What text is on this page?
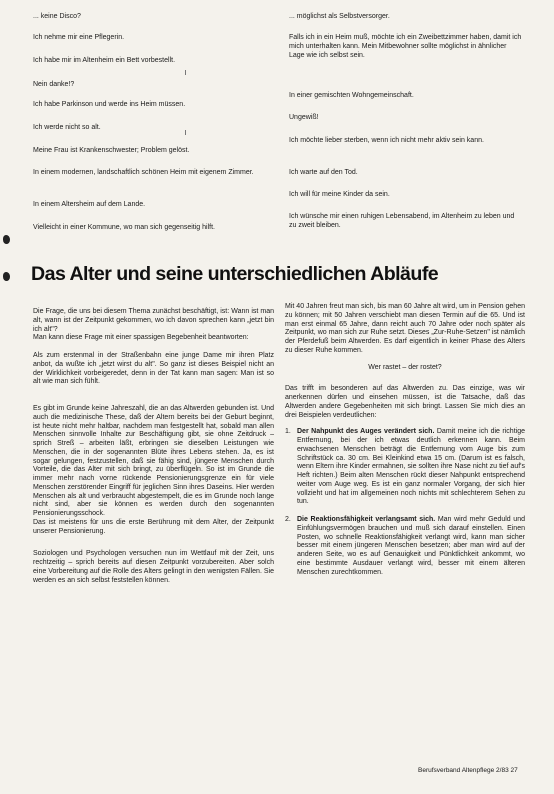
... keine Disco?

Ich nehme mir eine Pflegerin.

Ich habe mir im Altenheim ein Bett vorbestellt.

Nein danke!?

Ich habe Parkinson und werde ins Heim müssen.

Ich werde nicht so alt.

Meine Frau ist Krankenschwester; Problem gelöst.

In einem modernen, landschaftlich schönen Heim mit eigenem Zimmer.

In einem Altersheim auf dem Lande.

Vielleicht in einer Kommune, wo man sich gegenseitig hilft.

... möglichst als Selbstversorger.

Falls ich in ein Heim muß, möchte ich ein Zweibettzimmer haben, damit ich mich unterhalten kann. Mein Mitbewohner sollte möglichst in ähnlicher Lage wie ich selbst sein.

In einer gemischten Wohngemeinschaft.

Ungewiß!

Ich möchte lieber sterben, wenn ich nicht mehr aktiv sein kann.

Ich warte auf den Tod.

Ich will für meine Kinder da sein.

Ich wünsche mir einen ruhigen Lebensabend, im Altenheim zu leben und zu zweit bleiben.

Das Alter und seine unterschiedlichen Abläufe

Die Frage, die uns bei diesem Thema zunächst beschäftigt, ist: Wann ist man alt, wann ist der Zeitpunkt gekommen, wo ich davon sprechen kann „jetzt bin ich alt"?

Man kann diese Frage mit einer spassigen Begebenheit beantworten:

Als zum erstenmal in der Straßenbahn eine junge Dame mir ihren Platz anbot, da wußte ich „jetzt wirst du alt". So ganz ist dieses Beispiel nicht an der Wirklichkeit vorbeigeredet, denn in der Tat kann man sagen: Man ist so alt wie man sich fühlt.

Es gibt im Grunde keine Jahreszahl, die an das Altwerden gebunden ist. Und auch die medizinische These, daß der Altern bereits bei der Geburt beginnt, ist heute nicht mehr haltbar, nachdem man festgestellt hat, sobald man allen Menschen sinnvolle Inhalte zur Beschäftigung gibt, sie ohne Zeitdruck – sprich Streß – arbeiten läßt, erbringen sie dieselben Leistungen wie Menschen, die in der sogenannten Blüte ihres Lebens stehen. Ja, es ist sogar gelungen, festzustellen, daß sie fähig sind, jüngere Menschen durch Vorteile, die das Alter mit sich bringt, zu überflügeln. So ist im Grunde die immer mehr nach vorne rückende Pensionierungsgrenze ein für viele Menschen zerstörender Eingriff für jeglichen Sinn ihres Daseins. Hier werden Menschen als alt und verbraucht abgestempelt, die es im Grunde noch lange nicht sind, aber sie können es werden durch den sogenannten Pensionierungsschock.

Das ist meistens für uns die erste Berührung mit dem Alter, der Zeitpunkt unserer Pensionierung.

Soziologen und Psychologen versuchen nun im Wettlauf mit der Zeit, uns rechtzeitig – sprich bereits auf diesen Zeitpunkt vorzubereiten. Aber solch eine Vorbereitung auf die Rolle des Alters gelingt in den wenigsten Fällen. Sie werden es an sich selbst feststellen können.

Mit 40 Jahren freut man sich, bis man 60 Jahre alt wird, um in Pension gehen zu können; mit 50 Jahren verschiebt man diesen Termin auf die 65. Und ist man erst einmal 65 Jahre, dann reicht auch 70 Jahre oder noch später als Zeitpunkt, wo man sich zur Ruhe setzt. Dieses „Zur-Ruhe-Setzen" ist nämlich der Pferdefuß beim Altwerden. Es darf eigentlich in keiner Phase des Alters zu dieser Ruhe kommen.

Wer rastet – der rostet?

Das trifft im besonderen auf das Altwerden zu. Das einzige, was wir anerkennen dürfen und einsehen müssen, ist die Tatsache, daß das Altwerden andere Gegebenheiten mit sich bringt. Lassen Sie mich dies an drei Beispielen verdeutlichen:

1. Der Nahpunkt des Auges verändert sich. Damit meine ich die richtige Entfernung, bei der ich etwas deutlich erkennen kann. Beim erwachsenen Menschen beträgt die Entfernung vom Auge bis zum Schriftstück ca. 30 cm. Bei Kleinkind etwa 15 cm. (Darum ist es falsch, wenn Eltern ihre Kinder ermahnen, sie sollten ihre Nase nicht zu tief auf's Heft richten.) Beim alten Menschen rückt dieser Nahpunkt entsprechend weiter vom Auge weg. Es ist ein ganz normaler Vorgang, der sich hier vollzieht und hat im allgemeinen noch nichts mit schlechterem Sehen zu tun.
2. Die Reaktionsfähigkeit verlangsamt sich. Man wird mehr Geduld und Einfühlungsvermögen brauchen und muß sich darauf einstellen. Einen Posten, wo schnelle Reaktionsfähigkeit verlangt wird, kann man sicher besser mit einem jüngeren Menschen besetzen; aber man wird auf der anderen Seite, wo es auf Genauigkeit und Pünktlichkeit ankommt, wo eine bestimmte Ausdauer verlangt wird, besser mit einem älteren Menschen zurechtkommen.
Berufsverband Altenpflege 2/83 27
